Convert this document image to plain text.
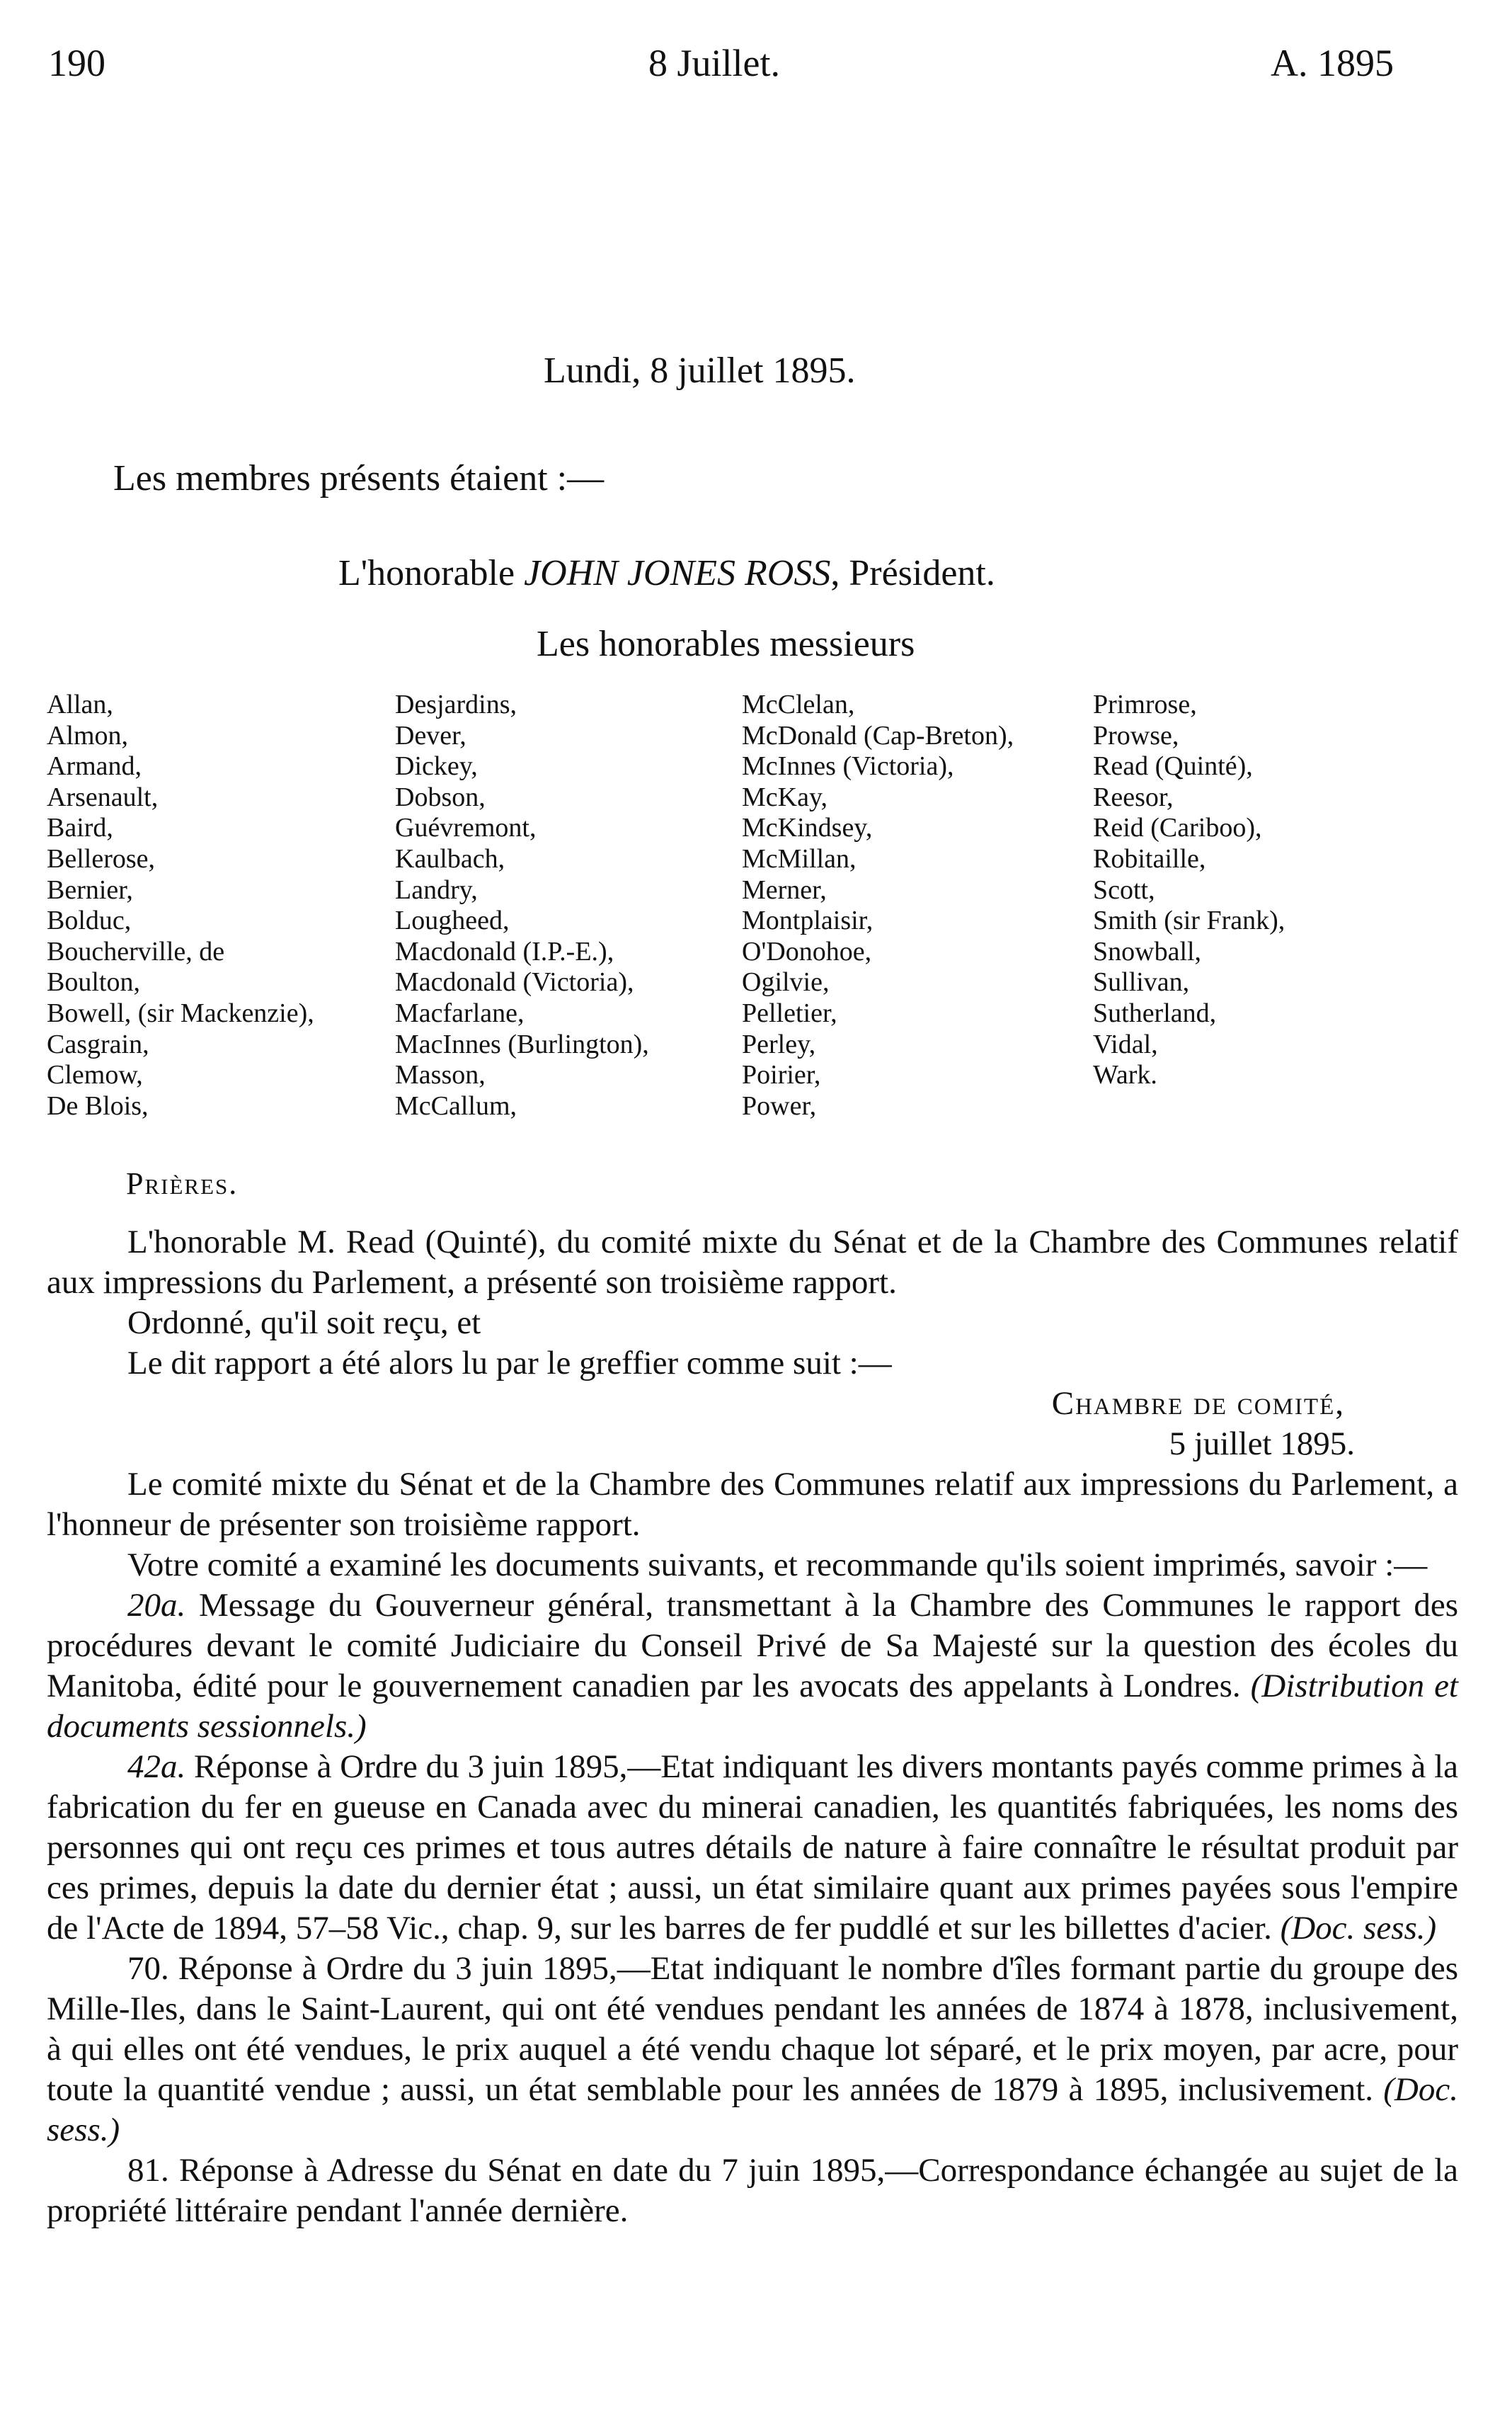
190	8 Juillet.	A. 1895
Lundi, 8 juillet 1895.
Les membres présents étaient :—
L'honorable JOHN JONES ROSS, Président.
Les honorables messieurs
Allan,
Almon,
Armand,
Arsenault,
Baird,
Bellerose,
Bernier,
Bolduc,
Boucherville, de
Boulton,
Bowell, (sir Mackenzie),
Casgrain,
Clemow,
De Blois,
Desjardins,
Dever,
Dickey,
Dobson,
Guévremont,
Kaulbach,
Landry,
Lougheed,
Macdonald (I.P.-E.),
Macdonald (Victoria),
Macfarlane,
MacInnes (Burlington),
Masson,
McCallum,
McClelan,
McDonald (Cap-Breton),
McInnes (Victoria),
McKay,
McKindsey,
McMillan,
Merner,
Montplaisir,
O'Donohoe,
Ogilvie,
Pelletier,
Perley,
Poirier,
Power,
Primrose,
Prowse,
Read (Quinté),
Reesor,
Reid (Cariboo),
Robitaille,
Scott,
Smith (sir Frank),
Snowball,
Sullivan,
Sutherland,
Vidal,
Wark.
Prières.

L'honorable M. Read (Quinté), du comité mixte du Sénat et de la Chambre des Communes relatif aux impressions du Parlement, a présenté son troisième rapport.

Ordonné, qu'il soit reçu, et

Le dit rapport a été alors lu par le greffier comme suit :—

Chambre de comité,

5 juillet 1895.

Le comité mixte du Sénat et de la Chambre des Communes relatif aux impressions du Parlement, a l'honneur de présenter son troisième rapport.

Votre comité a examiné les documents suivants, et recommande qu'ils soient imprimés, savoir :—

20a. Message du Gouverneur général, transmettant à la Chambre des Communes le rapport des procédures devant le comité Judiciaire du Conseil Privé de Sa Majesté sur la question des écoles du Manitoba, édité pour le gouvernement canadien par les avocats des appelants à Londres. (Distribution et documents sessionnels.)

42a. Réponse à Ordre du 3 juin 1895,—Etat indiquant les divers montants payés comme primes à la fabrication du fer en gueuse en Canada avec du minerai canadien, les quantités fabriquées, les noms des personnes qui ont reçu ces primes et tous autres détails de nature à faire connaître le résultat produit par ces primes, depuis la date du dernier état ; aussi, un état similaire quant aux primes payées sous l'empire de l'Acte de 1894, 57–58 Vic., chap. 9, sur les barres de fer puddlé et sur les billettes d'acier. (Doc. sess.)

70. Réponse à Ordre du 3 juin 1895,—Etat indiquant le nombre d'îles formant partie du groupe des Mille-Iles, dans le Saint-Laurent, qui ont été vendues pendant les années de 1874 à 1878, inclusivement, à qui elles ont été vendues, le prix auquel a été vendu chaque lot séparé, et le prix moyen, par acre, pour toute la quantité vendue ; aussi, un état semblable pour les années de 1879 à 1895, inclusivement. (Doc. sess.)

81. Réponse à Adresse du Sénat en date du 7 juin 1895,—Correspondance échangée au sujet de la propriété littéraire pendant l'année dernière.
